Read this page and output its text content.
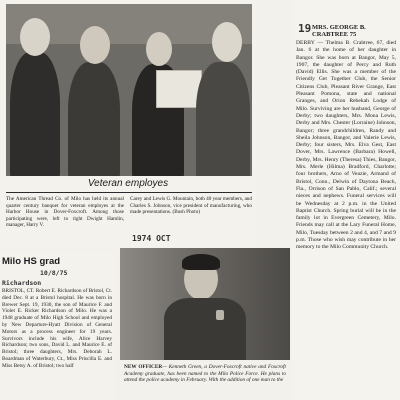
Veteran employes
The American Thread Co. of Milo has held its annual quarter century banquet for veteran employes at the Harbor House in Dover-Foxcroft. Among those participating were, left to right Dwight Hamlin, manager, Harry V.
Carey and Lewis G. Mountain, both 40 year members, and Charles S. Johnson, vice president of manufacturing, who made presentations. (Bush Photo)
1974 OCT
19 MRS. GEORGE B. CRABTREE 75
DERBY — Thelma B. Crabtree, 67, died Jan. 6 at the home of her daughter in Bangor. She was born at Bangor, May 5, 1907, the daughter of Percy and Ruth (David) Ellis. She was a member of the Friendly Get Together Club, the Senior Citizens Club, Pleasant River Grange, East Pleasant Pomona, state and national Granges, and Orion Rebekah Lodge of Milo. Surviving are her husband, George of Derby; two daughters, Mrs. Mona Lewis, Derby and Mrs. Chester (Lorraine) Johnson, Bangor; three grandchildren, Randy and Sheila Johnson, Bangor, and Valerie Lewis, Derby; four sisters, Mrs. Elva Gest, East Dover, Mrs. Lawrence (Barbara) Howell, Derby, Mrs. Henry (Theresa) Thies, Bangor, Mrs. Merle (Hilma) Bradford, Charlotte; four brothers, Arno of Veazie, Armand of Bristol, Conn., Delwin of Daytona Beach, Fla., Orrison of San Pablo, Calif.; several nieces and nephews. Funeral services will be Wednesday at 2 p.m. in the United Baptist Church. Spring burial will be in the family lot in Evergreen Cemetery, Milo. Friends may call at the Lary Funeral Home, Milo, Tuesday between 2 and 4, and 7 and 9 p.m. Those who wish may contribute in her memory to the Milo Community Church.
Milo HS grad
10/8/75
Richardson
BRISTOL, CT. Robert E. Richardson of Bristol, Ct. died Dec. 8 at a Bristol hospital. He was born in Brewer Sept. 19, 1930, the son of Maurice F. and Violet E. Ricker Richardson of Milo. He was a 1948 graduate of Milo High School and employed by New Departure-Hyatt Division of General Motors as a process engineer for 19 years. Survivors include his wife, Alice Harvey Richardson; two sons, David L. and Maurice E. of Bristol; three daughters, Mrs. Deborah L. Boardman of Waterbury, Ct., Miss Priscilla E. and Miss Betsy A. of Bristol; two half	NEW OFFICER— Kenneth Green, a Dover-Foxcroft native and Foxcroft Academy graduate, has been named to the Milo Police Force. He plans to attend the police academy in February. With the addition of one man to the
